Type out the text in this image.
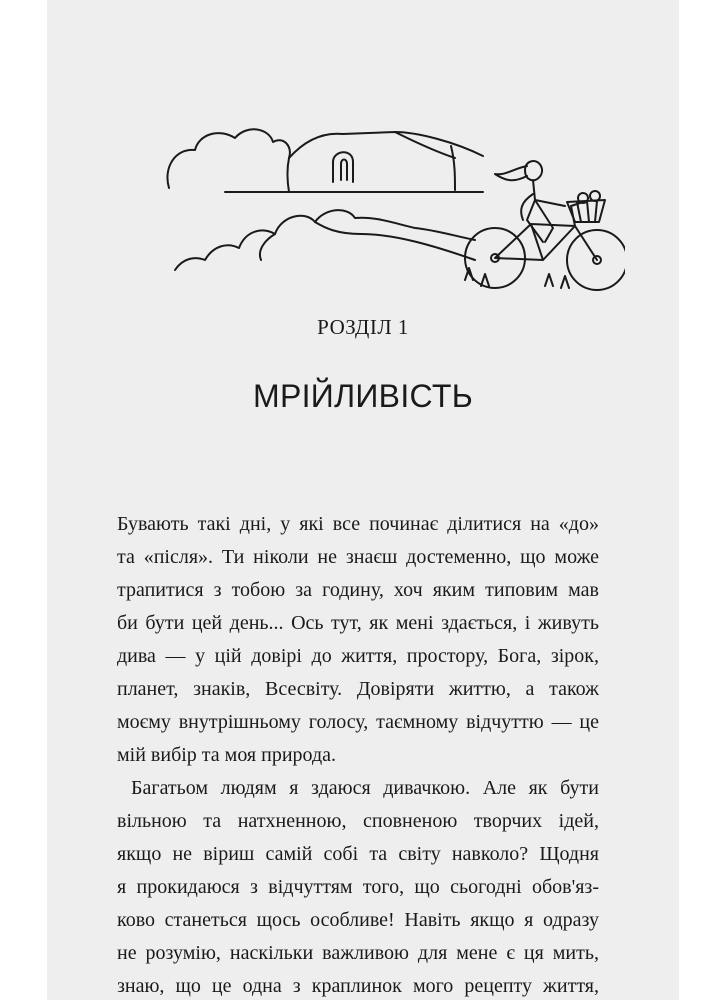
РОЗДІЛ 1
МРІЙЛИВІСТЬ
Бувають такі дні, у які все починає ділитися на «до»
та «після». Ти ніколи не знаєш достеменно, що може
трапитися з тобою за годину, хоч яким типовим мав
би бути цей день... Ось тут, як мені здається, і живуть
дива — у цій довірі до життя, простору, Бога, зірок,
планет, знаків, Всесвіту. Довіряти життю, а також
моєму внутрішньому голосу, таємному відчуттю — це
мій вибір та моя природа.
Багатьом людям я здаюся дивачкою. Але як бути
вільною та натхненною, сповненою творчих ідей,
якщо не віриш самій собі та світу навколо? Щодня
я прокидаюся з відчуттям того, що сьогодні обов'яз-
ково станеться щось особливе! Навіть якщо я одразу
не розумію, наскільки важливою для мене є ця мить,
знаю, що це одна з краплинок мого рецепту життя,
